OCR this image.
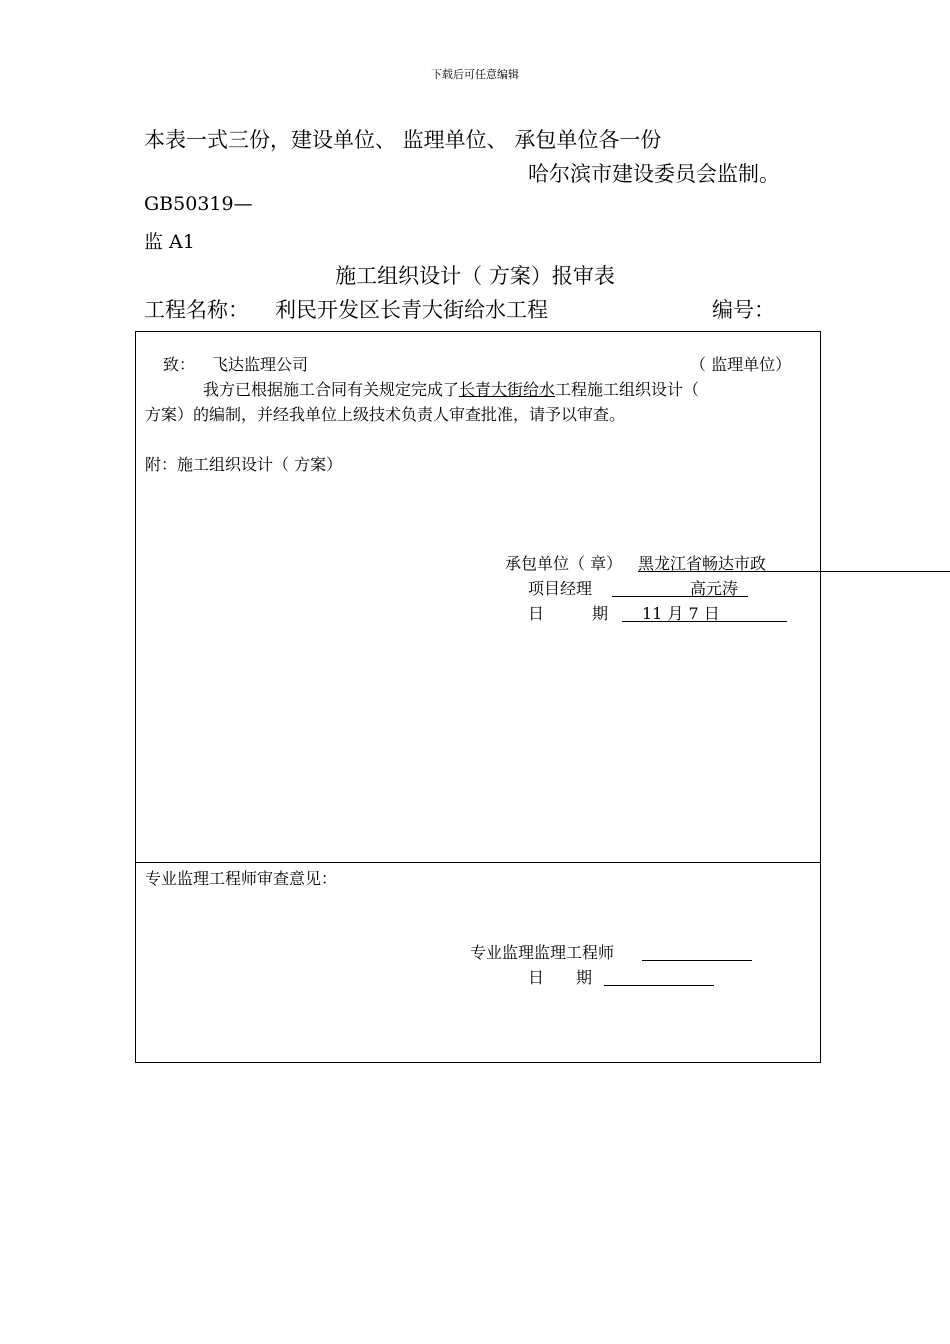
下载后可任意编辑
本表一式三份，建设单位、 监理单位、 承包单位各一份
哈尔滨市建设委员会监制。
GB50319—
监 A1
施工组织设计（ 方案）报审表
工程名称： 利民开发区长青大街给水工程	编号：
致： 飞达监理公司	（ 监理单位）
我方已根据施工合同有关规定完成了长青大街给水工程施工组织设计（
方案）的编制，并经我单位上级技术负责人审查批准，请予以审查。
附：施工组织设计（ 方案）
承包单位（ 章） 黑龙江省畅达市政
项目经理	高元涛
日　　　期 11 月 7 日
专业监理工程师审查意见：
专业监理监理工程师
日　　期
